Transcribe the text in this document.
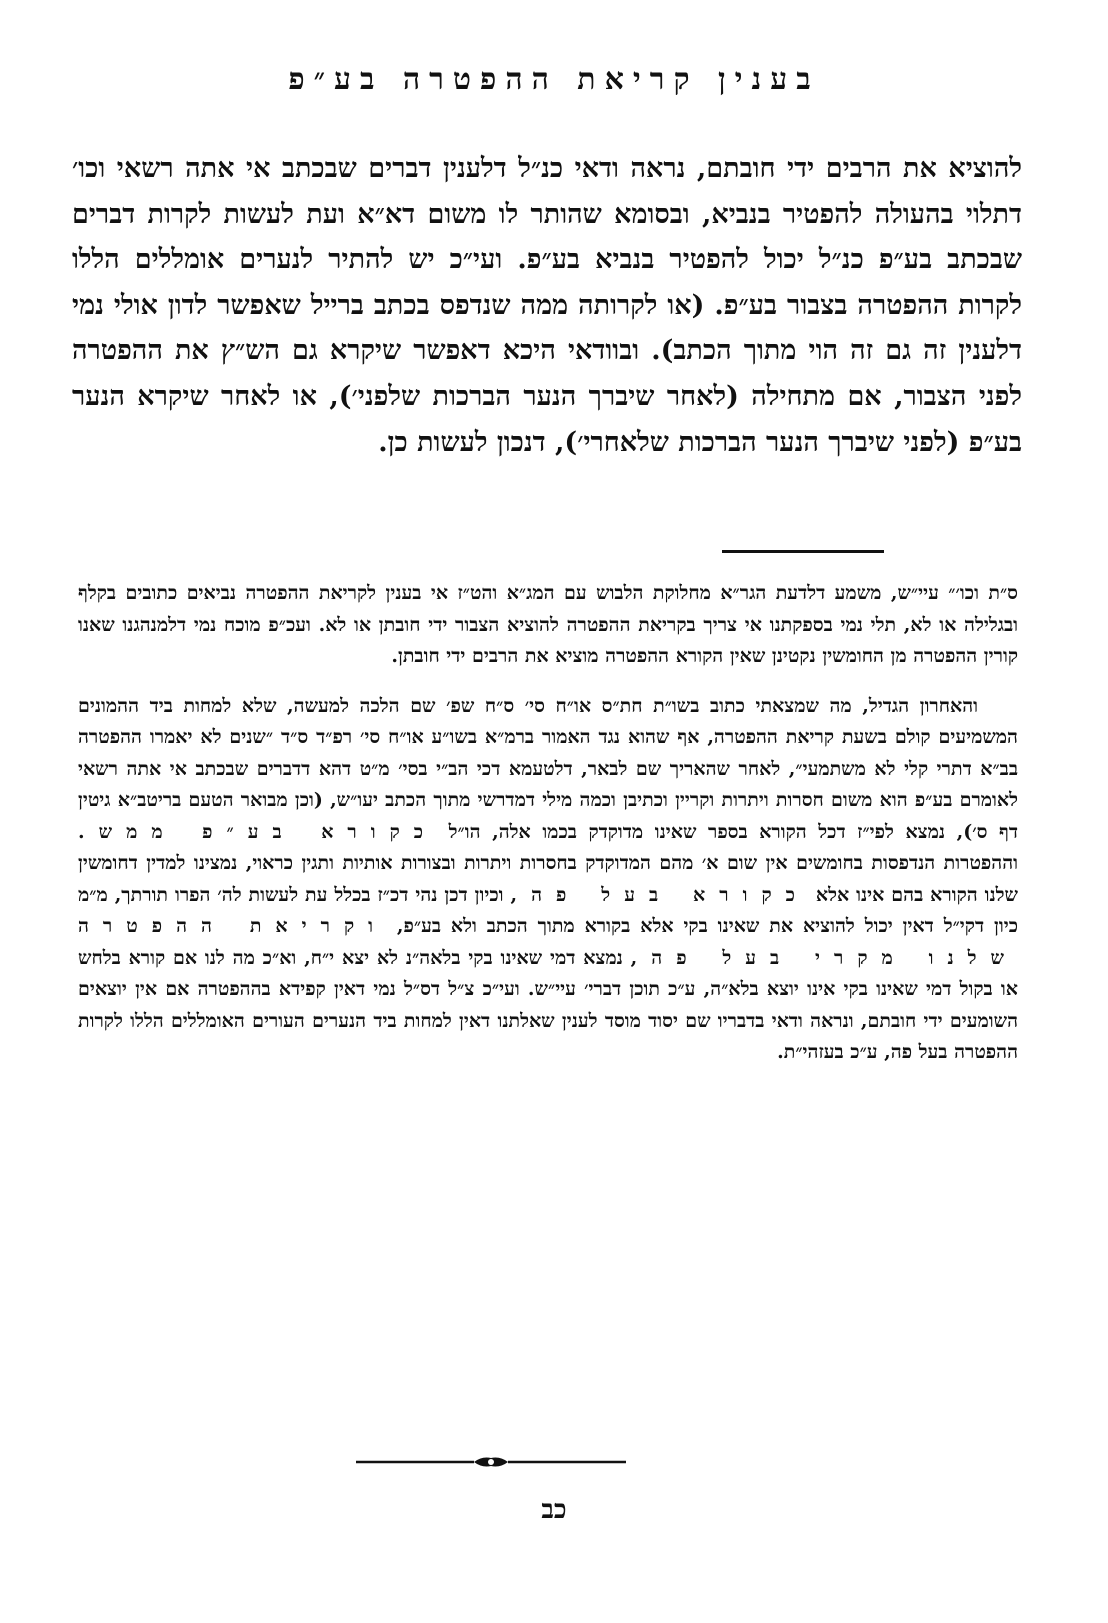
בענין קריאת ההפטרה בע״פ

להוציא את הרבים ידי חובתם, נראה ודאי כנ״ל דלענין דברים שבכתב אי אתה רשאי וכו׳ דתלוי בהעולה להפטיר בנביא, ובסומא שהותר לו משום דא״א ועת לעשות לקרות דברים שבכתב בע״פ כנ״ל יכול להפטיר בנביא בע״פ. ועי״כ יש להתיר לנערים אומללים הללו לקרות ההפטרה בצבור בע״פ. (או לקרותה ממה שנדפס בכתב ברייל שאפשר לדון אולי נמי דלענין זה גם זה הוי מתוך הכתב). ובוודאי היכא דאפשר שיקרא גם הש״ץ את ההפטרה לפני הצבור, אם מתחילה (לאחר שיברך הנער הברכות שלפני׳), או לאחר שיקרא הנער בע״פ (לפני שיברך הנער הברכות שלאחרי׳), דנכון לעשות כן.

ס״ת וכו׳״ עיי״ש, משמע דלדעת הגר״א מחלוקת הלבוש עם המג״א והט״ז אי בענין לקריאת ההפטרה נביאים כתובים בקלף ובגלילה או לא, תלי נמי בספקתנו אי צריך בקריאת ההפטרה להוציא הצבור ידי חובתן או לא. ועכ״פ מוכח נמי דלמנהגנו שאנו קורין ההפטרה מן החומשין נקטינן שאין הקורא ההפטרה מוציא את הרבים ידי חובתן.

והאחרון הגדיל, מה שמצאתי כתוב בשו״ת חת״ס או״ח סי׳ ס״ח שפ׳ שם הלכה למעשה, שלא למחות ביד ההמונים המשמיעים קולם בשעת קריאת ההפטרה, אף שהוא נגד האמור ברמ״א בשו״ע או״ח סי׳ רפ״ד ס״ד ״שנים לא יאמרו ההפטרה בב״א דתרי קלי לא משתמעי״, לאחר שהאריך שם לבאר, דלטעמא דכי הב״י בסי׳ מ״ט דהא דדברים שבכתב אי אתה רשאי לאומרם בע״פ הוא משום חסרות ויתרות וקריין וכתיבן וכמה מילי דמדרשי מתוך הכתב יעו״ש, (וכן מבואר הטעם בריטב״א גיטין דף ס׳), נמצא לפי״ז דכל הקורא בספר שאינו מדוקדק בכמו אלה, הו״ל כקורא בע״פ ממש. וההפטרות הנדפסות בחומשים אין שום א׳ מהם המדוקדק בחסרות ויתרות ובצורות אותיות ותגין כראוי, נמצינו למדין דחומשין שלנו הקורא בהם אינו אלא כקורא בעל פה, וכיון דכן נהי דכ״ז בכלל עת לעשות לה׳ הפרו תורתך, מ״מ כיון דקי״ל דאין יכול להוציא את שאינו בקי אלא בקורא מתוך הכתב ולא בע״פ, וקריאת ההפטרה שלנו מקרי בעל פה, נמצא דמי שאינו בקי בלאה״נ לא יצא י״ח, וא״כ מה לנו אם קורא בלחש או בקול דמי שאינו בקי אינו יוצא בלא״ה, ע״כ תוכן דברי׳ עיי״ש. ועי״כ צ״ל דס״ל נמי דאין קפידא בההפטרה אם אין יוצאים השומעים ידי חובתם, ונראה ודאי בדבריו שם יסוד מוסד לענין שאלתנו דאין למחות ביד הנערים העורים האומללים הללו לקרות ההפטרה בעל פה, ע״כ בעזהי״ת.

כב
